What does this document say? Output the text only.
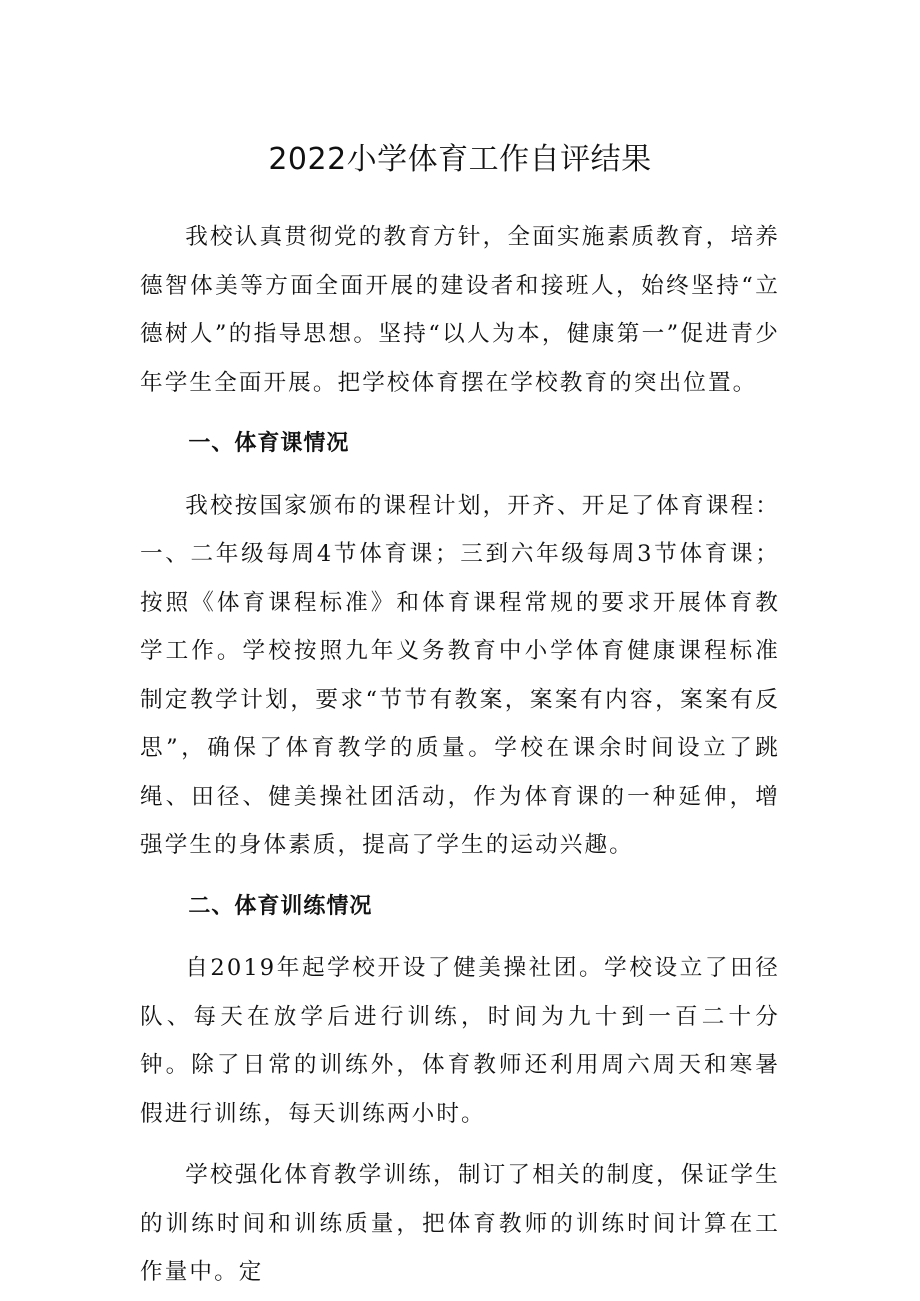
2022小学体育工作自评结果

我校认真贯彻党的教育方针，全面实施素质教育，培养德智体美等方面全面开展的建设者和接班人，始终坚持“立德树人”的指导思想。坚持“以人为本，健康第一”促进青少年学生全面开展。把学校体育摆在学校教育的突出位置。

一、体育课情况

我校按国家颁布的课程计划，开齐、开足了体育课程：一、二年级每周4节体育课；三到六年级每周3节体育课；按照《体育课程标准》和体育课程常规的要求开展体育教学工作。学校按照九年义务教育中小学体育健康课程标准制定教学计划，要求“节节有教案，案案有内容，案案有反思”，确保了体育教学的质量。学校在课余时间设立了跳绳、田径、健美操社团活动，作为体育课的一种延伸，增强学生的身体素质，提高了学生的运动兴趣。

二、体育训练情况

自2019年起学校开设了健美操社团。学校设立了田径队、每天在放学后进行训练，时间为九十到一百二十分钟。除了日常的训练外，体育教师还利用周六周天和寒暑假进行训练，每天训练两小时。

学校强化体育教学训练，制订了相关的制度，保证学生的训练时间和训练质量，把体育教师的训练时间计算在工作量中。定
